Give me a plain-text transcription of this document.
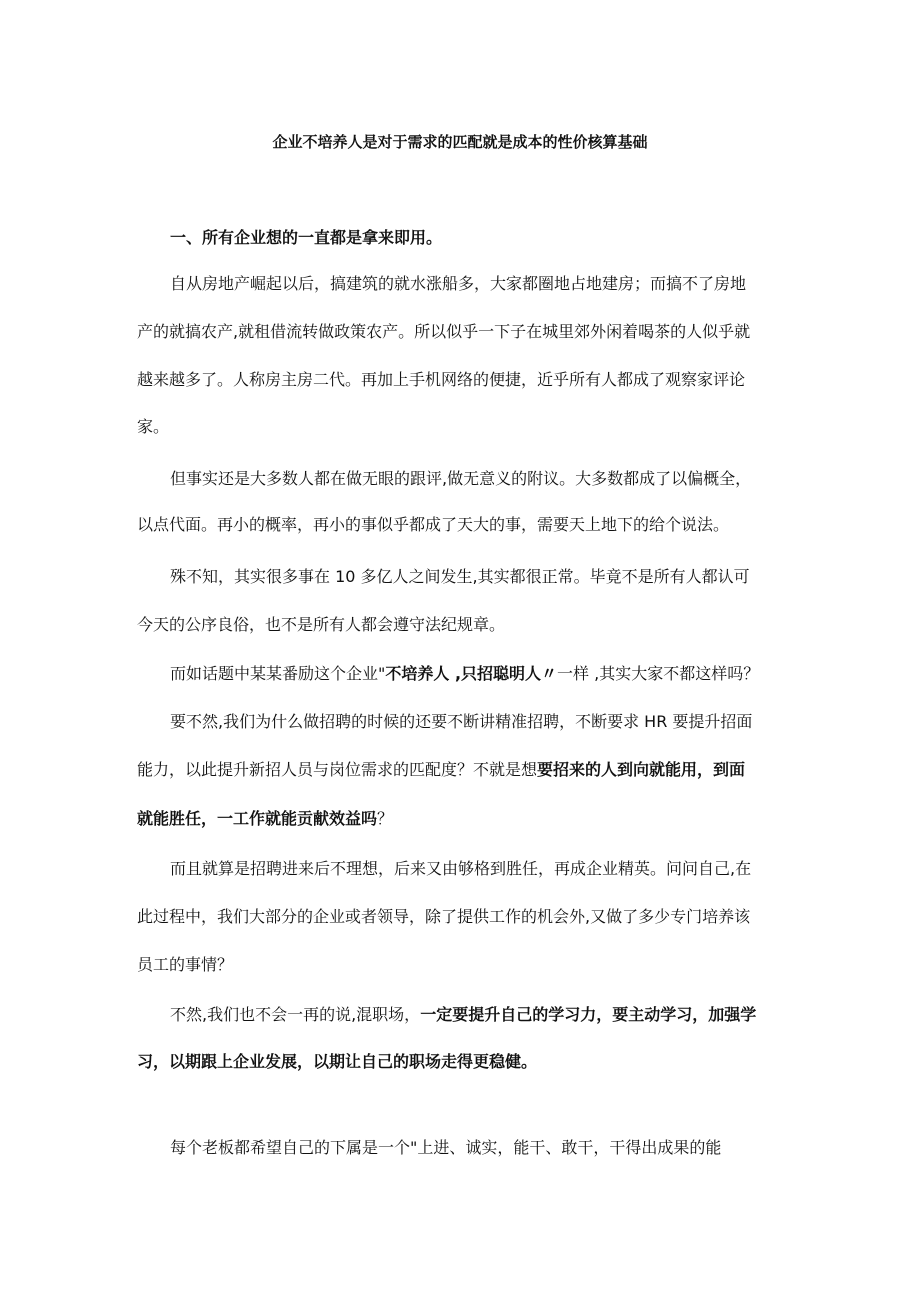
企业不培养人是对于需求的匹配就是成本的性价核算基础
一、所有企业想的一直都是拿来即用。
自从房地产崛起以后，搞建筑的就水涨船多，大家都圈地占地建房；而搞不了房地
产的就搞农产,就租借流转做政策农产。所以似乎一下子在城里郊外闲着喝茶的人似乎就
越来越多了。人称房主房二代。再加上手机网络的便捷，近乎所有人都成了观察家评论
家。
但事实还是大多数人都在做无眼的跟评,做无意义的附议。大多数都成了以偏概全，
以点代面。再小的概率，再小的事似乎都成了天大的事，需要天上地下的给个说法。
殊不知，其实很多事在 10 多亿人之间发生,其实都很正常。毕竟不是所有人都认可
今天的公序良俗，也不是所有人都会遵守法纪规章。
而如话题中某某番励这个企业"不培养人 ,只招聪明人〃一样 ,其实大家不都这样吗？
要不然,我们为什么做招聘的时候的还要不断讲精准招聘，不断要求 HR 要提升招面
能力，以此提升新招人员与岗位需求的匹配度？不就是想要招来的人到向就能用，到面
就能胜任，一工作就能贡献效益吗？
而且就算是招聘进来后不理想，后来又由够格到胜任，再成企业精英。问问自己,在
此过程中，我们大部分的企业或者领导，除了提供工作的机会外,又做了多少专门培养该
员工的事情？
不然,我们也不会一再的说,混职场，一定要提升自己的学习力，要主动学习，加强学
习，以期跟上企业发展，以期让自己的职场走得更稳健。
每个老板都希望自己的下属是一个"上进、诚实，能干、敢干，干得出成果的能
